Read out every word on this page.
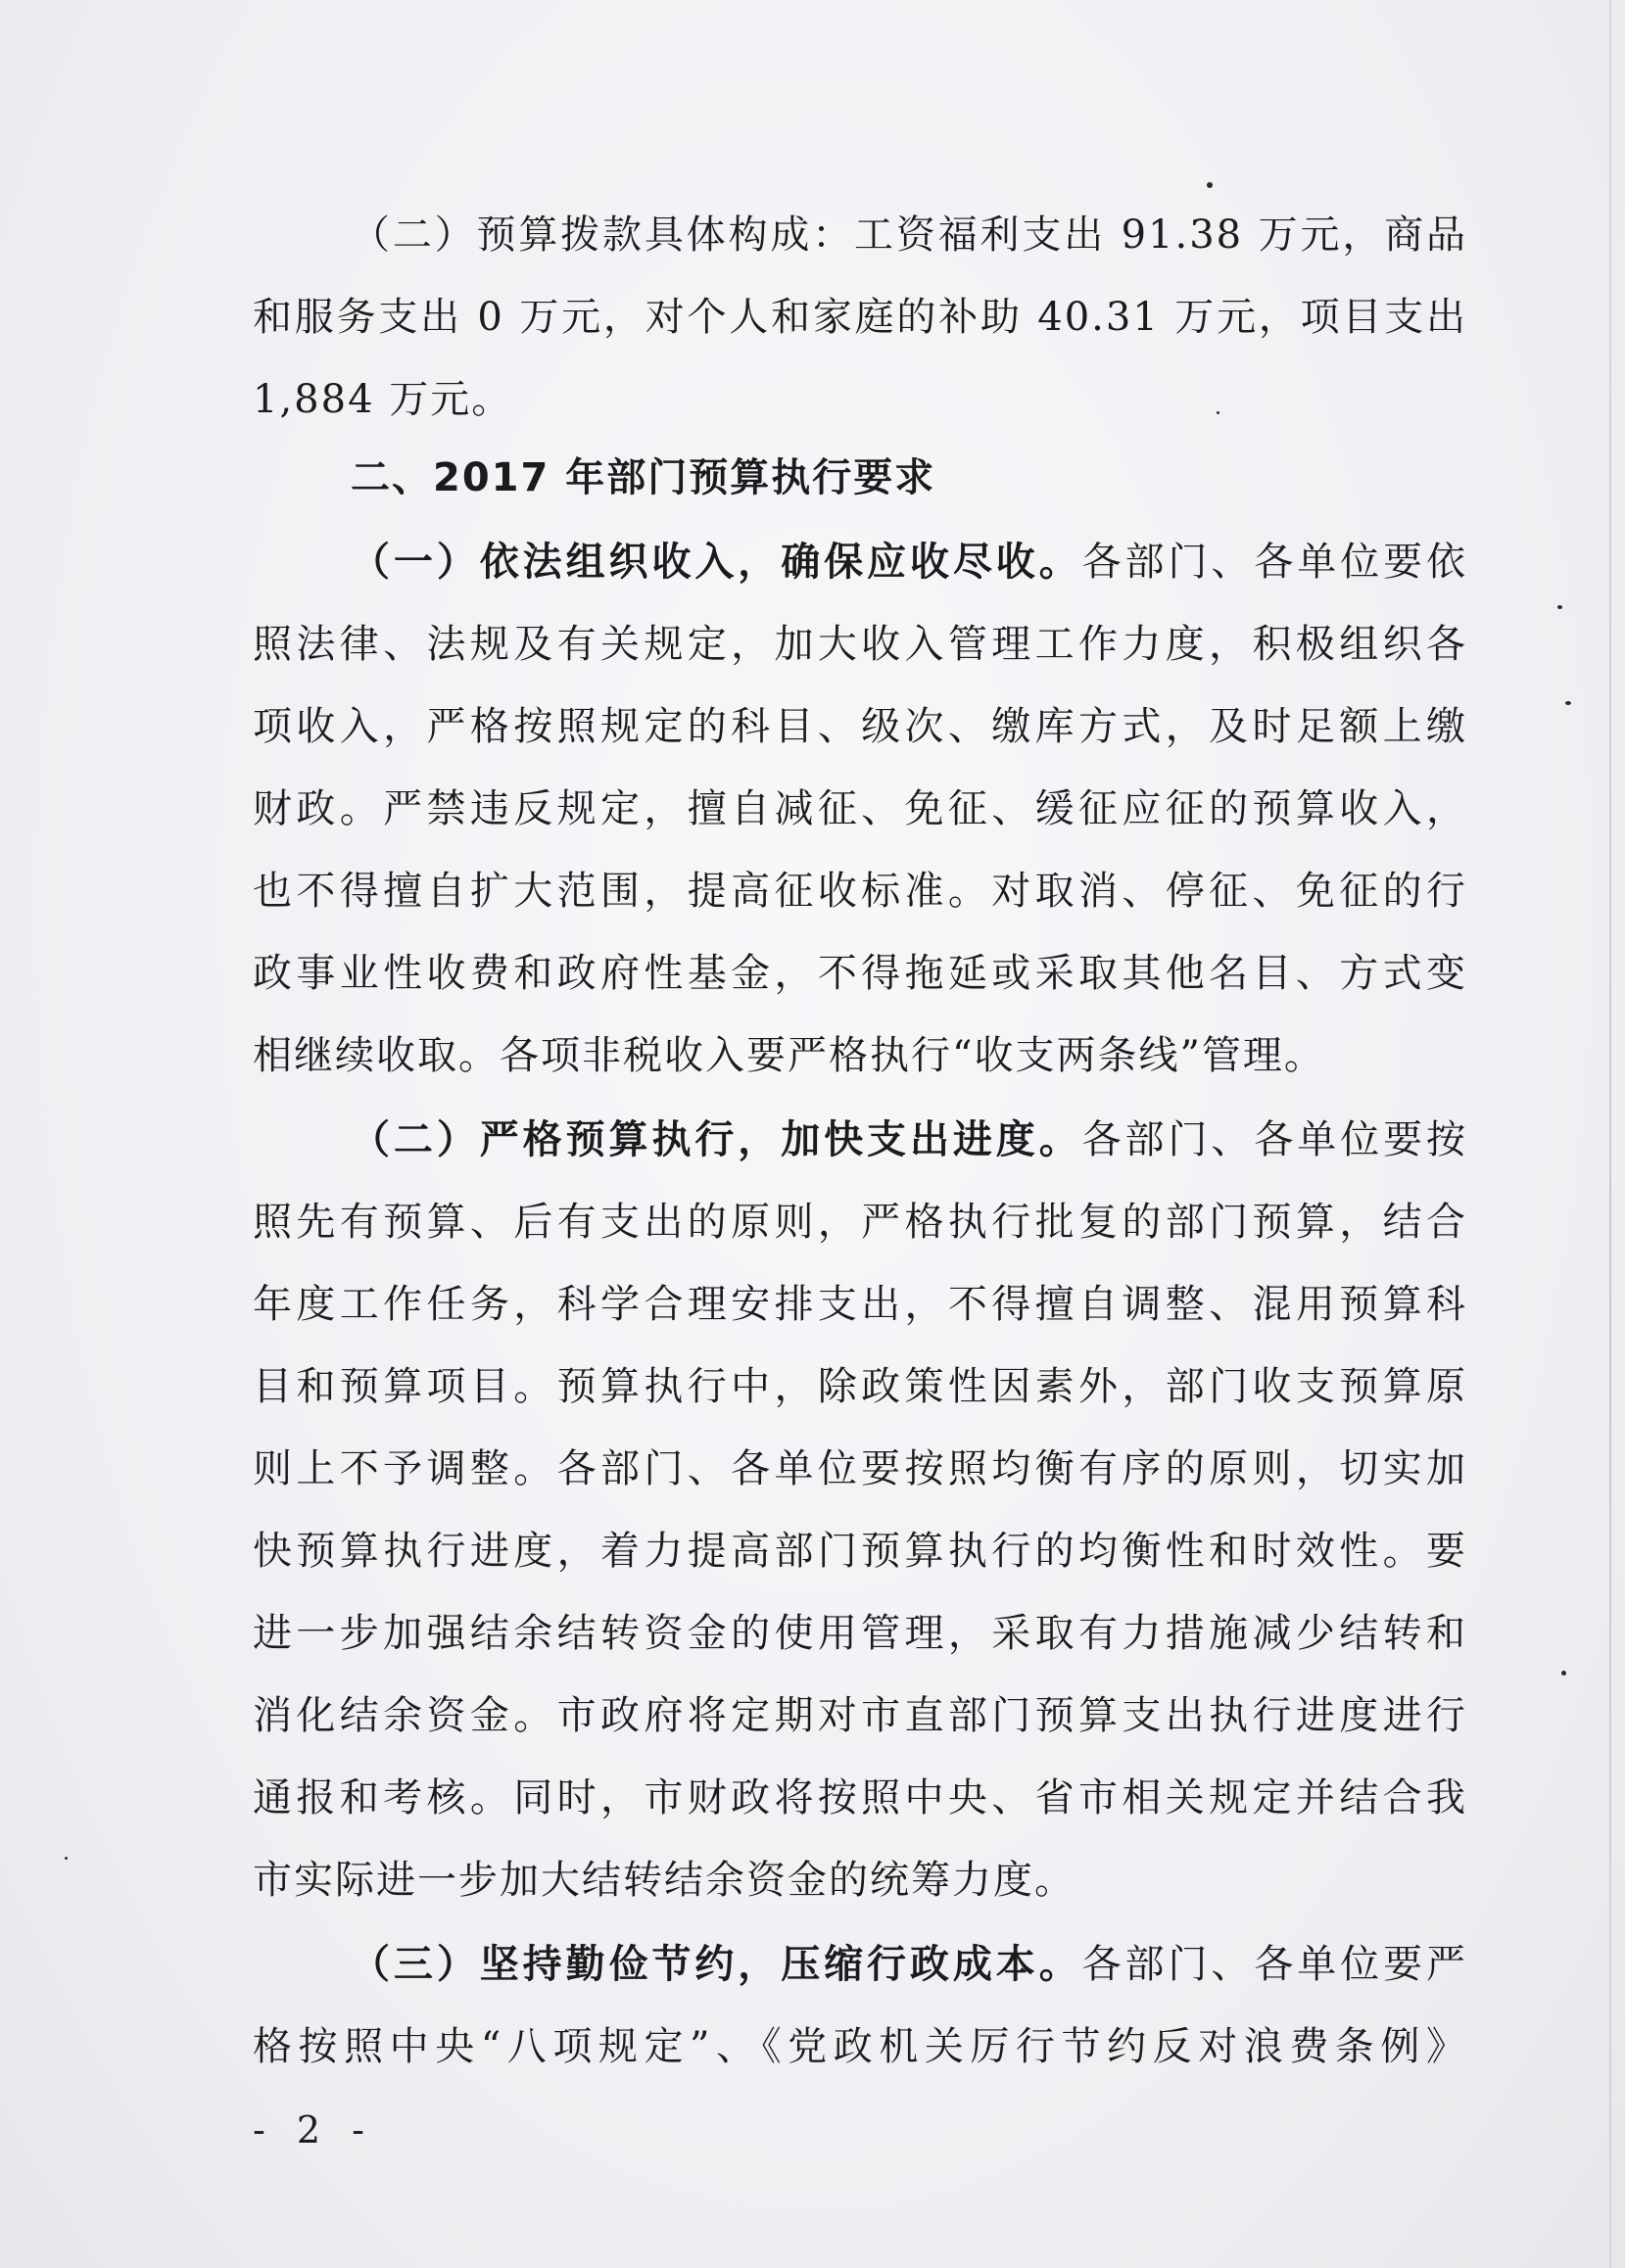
（二）预算拨款具体构成：工资福利支出 91.38 万元，商品
和服务支出 0 万元，对个人和家庭的补助 40.31 万元，项目支出
1,884 万元。
二、2017 年部门预算执行要求
（一）依法组织收入，确保应收尽收。各部门、各单位要依
照法律、法规及有关规定，加大收入管理工作力度，积极组织各
项收入，严格按照规定的科目、级次、缴库方式，及时足额上缴
财政。严禁违反规定，擅自减征、免征、缓征应征的预算收入，
也不得擅自扩大范围，提高征收标准。对取消、停征、免征的行
政事业性收费和政府性基金，不得拖延或采取其他名目、方式变
相继续收取。各项非税收入要严格执行“收支两条线”管理。
（二）严格预算执行，加快支出进度。各部门、各单位要按
照先有预算、后有支出的原则，严格执行批复的部门预算，结合
年度工作任务，科学合理安排支出，不得擅自调整、混用预算科
目和预算项目。预算执行中，除政策性因素外，部门收支预算原
则上不予调整。各部门、各单位要按照均衡有序的原则，切实加
快预算执行进度，着力提高部门预算执行的均衡性和时效性。要
进一步加强结余结转资金的使用管理，采取有力措施减少结转和
消化结余资金。市政府将定期对市直部门预算支出执行进度进行
通报和考核。同时，市财政将按照中央、省市相关规定并结合我
市实际进一步加大结转结余资金的统筹力度。
（三）坚持勤俭节约，压缩行政成本。各部门、各单位要严
格按照中央“八项规定”、《党政机关厉行节约反对浪费条例》
- 2 -
